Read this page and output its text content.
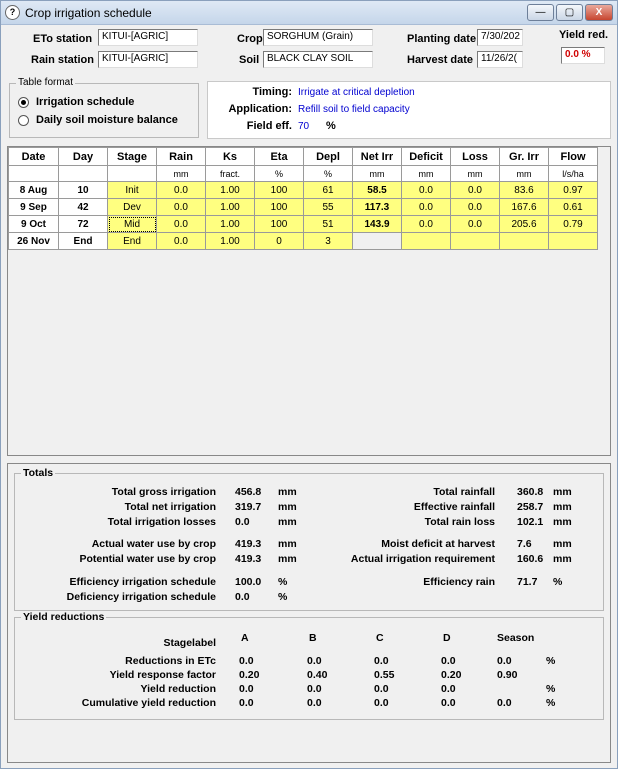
? Crop irrigation schedule	—	▢	X
ETo station KITUI-[AGRIC]
Rain station KITUI-[AGRIC]
Crop SORGHUM (Grain)
Soil BLACK CLAY SOIL
Planting date 7/30/202
Harvest date 11/26/2(
Yield red.
0.0 %
Table format
Irrigation schedule
Daily soil moisture balance
Timing: Irrigate at critical depletion
Application: Refill soil to field capacity
Field eff. 70 %
Date	Day	Stage	Rain	Ks	Eta	Depl	Net Irr	Deficit	Loss	Gr. Irr	Flow
			mm	fract.	%	%	mm	mm	mm	mm	l/s/ha
8 Aug	10	Init	0.0	1.00	100	61	58.5	0.0	0.0	83.6	0.97
9 Sep	42	Dev	0.0	1.00	100	55	117.3	0.0	0.0	167.6	0.61
9 Oct	72	Mid	0.0	1.00	100	51	143.9	0.0	0.0	205.6	0.79
26 Nov	End	End	0.0	1.00	0	3					
Totals
Total gross irrigation 456.8 mm
Total net irrigation 319.7 mm
Total irrigation losses 0.0	mm
Actual water use by crop 419.3 mm
Potential water use by crop 419.3 mm
Efficiency irrigation schedule 100.0 %
Deficiency irrigation schedule 0.0	%
Total rainfall 360.8 mm
Effective rainfall 258.7 mm
Total rain loss 102.1 mm
Moist deficit at harvest 7.6 mm
Actual irrigation requirement 160.6 mm
Efficiency rain 71.7 %
Yield reductions
Stagelabel A	B	C	D	Season
Reductions in ETc 0.0	0.0	0.0	0.0	0.0	%
Yield response factor 0.20	0.40	0.55	0.20	0.90
Yield reduction 0.0	0.0	0.0	0.0	%
Cumulative yield reduction 0.0	0.0	0.0	0.0	0.0	%
